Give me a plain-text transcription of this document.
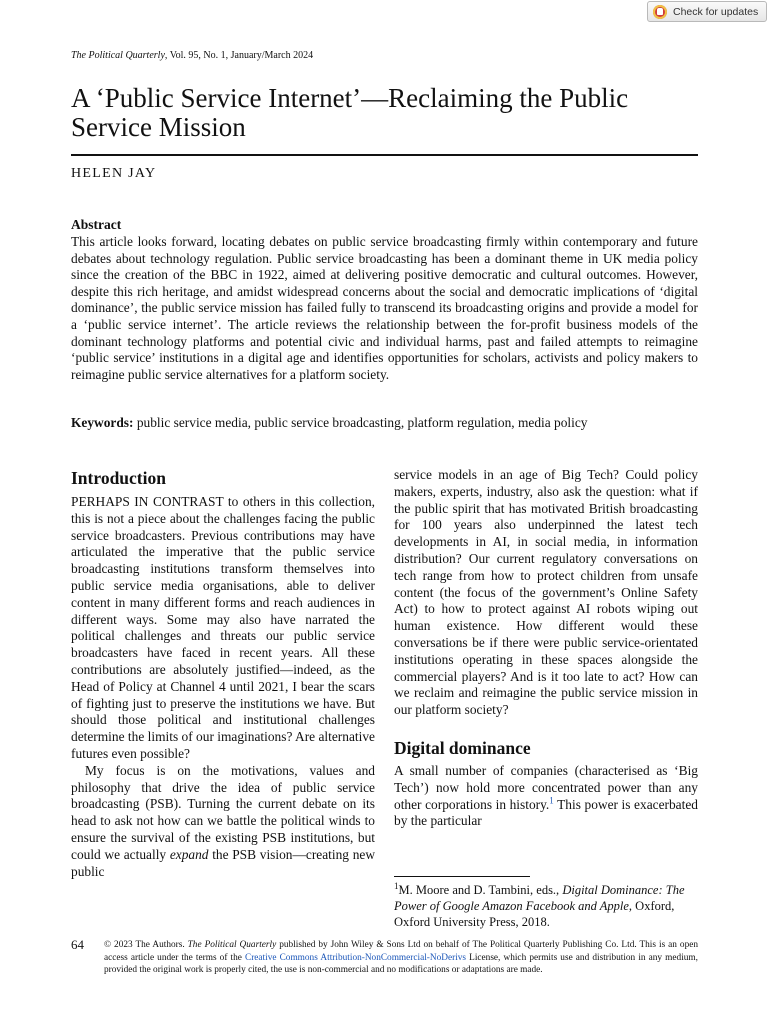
Check for updates
The Political Quarterly, Vol. 95, No. 1, January/March 2024
A ‘Public Service Internet’—Reclaiming the Public Service Mission
HELEN JAY
Abstract

This article looks forward, locating debates on public service broadcasting firmly within contemporary and future debates about technology regulation. Public service broadcasting has been a dominant theme in UK media policy since the creation of the BBC in 1922, aimed at delivering positive democratic and cultural outcomes. However, despite this rich heritage, and amidst widespread concerns about the social and democratic implications of ‘digital dominance’, the public service mission has failed fully to transcend its broadcasting origins and provide a model for a ‘public service internet’. The article reviews the relationship between the for-profit business models of the dominant technology platforms and potential civic and individual harms, past and failed attempts to reimagine ‘public service’ institutions in a digital age and identifies opportunities for scholars, activists and policy makers to reimagine public service alternatives for a platform society.

Keywords: public service media, public service broadcasting, platform regulation, media policy
Introduction

PERHAPS IN CONTRAST to others in this collection, this is not a piece about the challenges facing the public service broadcasters. Previous contributions may have articulated the imperative that the public service broadcasting institutions transform themselves into public service media organisations, able to deliver content in many different forms and reach audiences in different ways. Some may also have narrated the political challenges and threats our public service broadcasters have faced in recent years. All these contributions are absolutely justified—indeed, as the Head of Policy at Channel 4 until 2021, I bear the scars of fighting just to preserve the institutions we have. But should those political and institutional challenges determine the limits of our imaginations? Are alternative futures even possible?

My focus is on the motivations, values and philosophy that drive the idea of public service broadcasting (PSB). Turning the current debate on its head to ask not how can we battle the political winds to ensure the survival of the existing PSB institutions, but could we actually expand the PSB vision—creating new public

service models in an age of Big Tech? Could policy makers, experts, industry, also ask the question: what if the public spirit that has motivated British broadcasting for 100 years also underpinned the latest tech developments in AI, in social media, in information distribution? Our current regulatory conversations on tech range from how to protect children from unsafe content (the focus of the government’s Online Safety Act) to how to protect against AI robots wiping out human existence. How different would these conversations be if there were public service-orientated institutions operating in these spaces alongside the commercial players? And is it too late to act? How can we reclaim and reimagine the public service mission in our platform society?

Digital dominance

A small number of companies (characterised as ‘Big Tech’) now hold more concentrated power than any other corporations in history.$^1$ This power is exacerbated by the particular

$^1$M. Moore and D. Tambini, eds., Digital Dominance: The Power of Google Amazon Facebook and Apple, Oxford, Oxford University Press, 2018.

64 © 2023 The Authors. The Political Quarterly published by John Wiley & Sons Ltd on behalf of The Political Quarterly Publishing Co. Ltd. This is an open access article under the terms of the Creative Commons Attribution-NonCommercial-NoDerivs License, which permits use and distribution in any medium, provided the original work is properly cited, the use is non-commercial and no modifications or adaptations are made.
